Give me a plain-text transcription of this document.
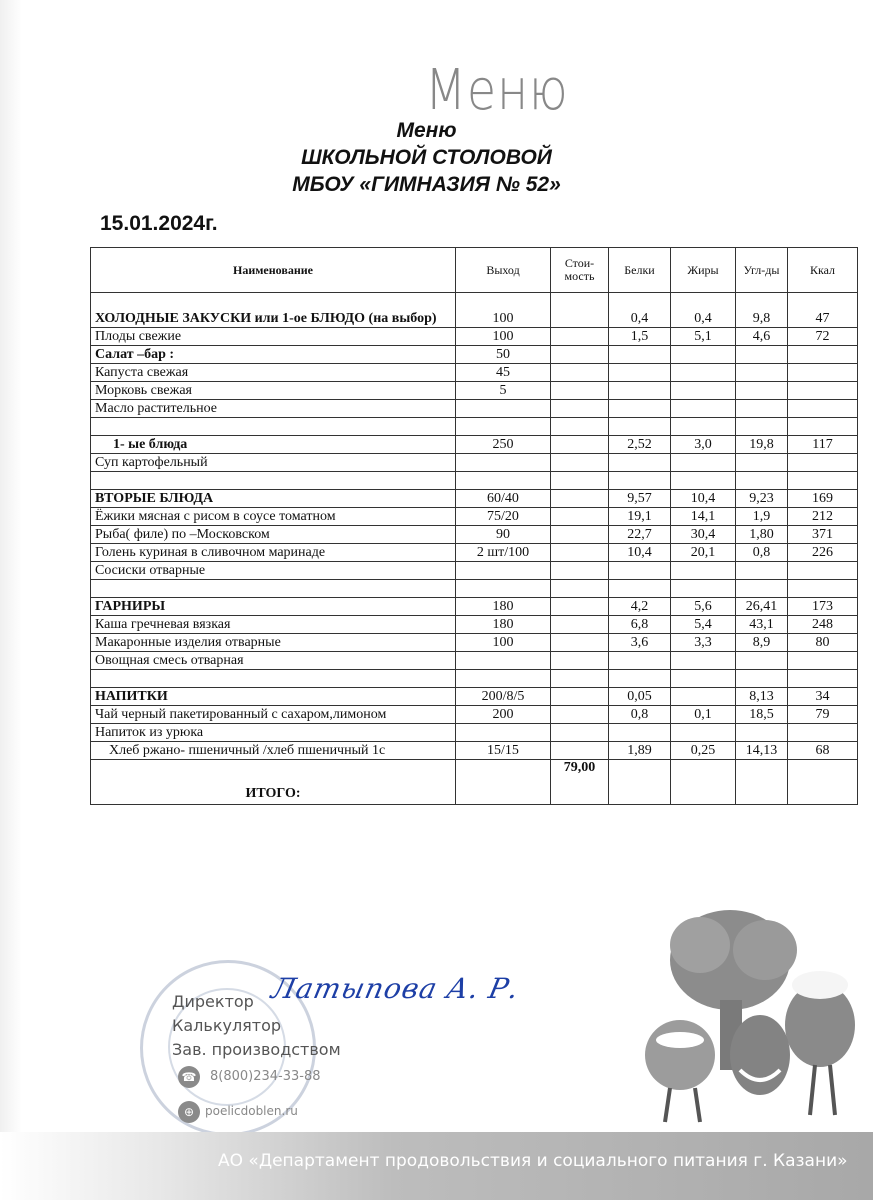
Меню
Меню
ШКОЛЬНОЙ СТОЛОВОЙ
МБОУ «ГИМНАЗИЯ № 52»
15.01.2024г.
Наименование	Выход	Стои-мость	Белки	Жиры	Угл-ды	Ккал
ХОЛОДНЫЕ ЗАКУСКИ или 1-ое БЛЮДО (на выбор)	100		0,4	0,4	9,8	47
Плоды свежие	100		1,5	5,1	4,6	72
Салат –бар :	50					
Капуста свежая	45					
Морковь свежая	5					
Масло растительное						

1- ые блюда	250		2,52	3,0	19,8	117
Суп картофельный						

ВТОРЫЕ БЛЮДА	60/40		9,57	10,4	9,23	169
Ёжики мясная с рисом в соусе томатном	75/20		19,1	14,1	1,9	212
Рыба( филе) по –Московском	90		22,7	30,4	1,80	371
Голень куриная в сливочном маринаде	2 шт/100		10,4	20,1	0,8	226
Сосиски отварные						

ГАРНИРЫ	180		4,2	5,6	26,41	173
Каша гречневая вязкая	180		6,8	5,4	43,1	248
Макаронные изделия отварные	100		3,6	3,3	8,9	80
Овощная смесь отварная						

НАПИТКИ	200/8/5		0,05		8,13	34
Чай черный пакетированный с сахаром,лимоном	200		0,8	0,1	18,5	79
Напиток из урюка						
Хлеб ржано- пшеничный /хлеб пшеничный 1с	15/15		1,89	0,25	14,13	68
ИТОГО:		79,00				
Директор
Калькулятор
Зав. производством
Латыпова А. Р.
☎ 8(800)234-33-88
⊕ poelicdoblen.ru
АО «Департамент продовольствия и социального питания г. Казани»
